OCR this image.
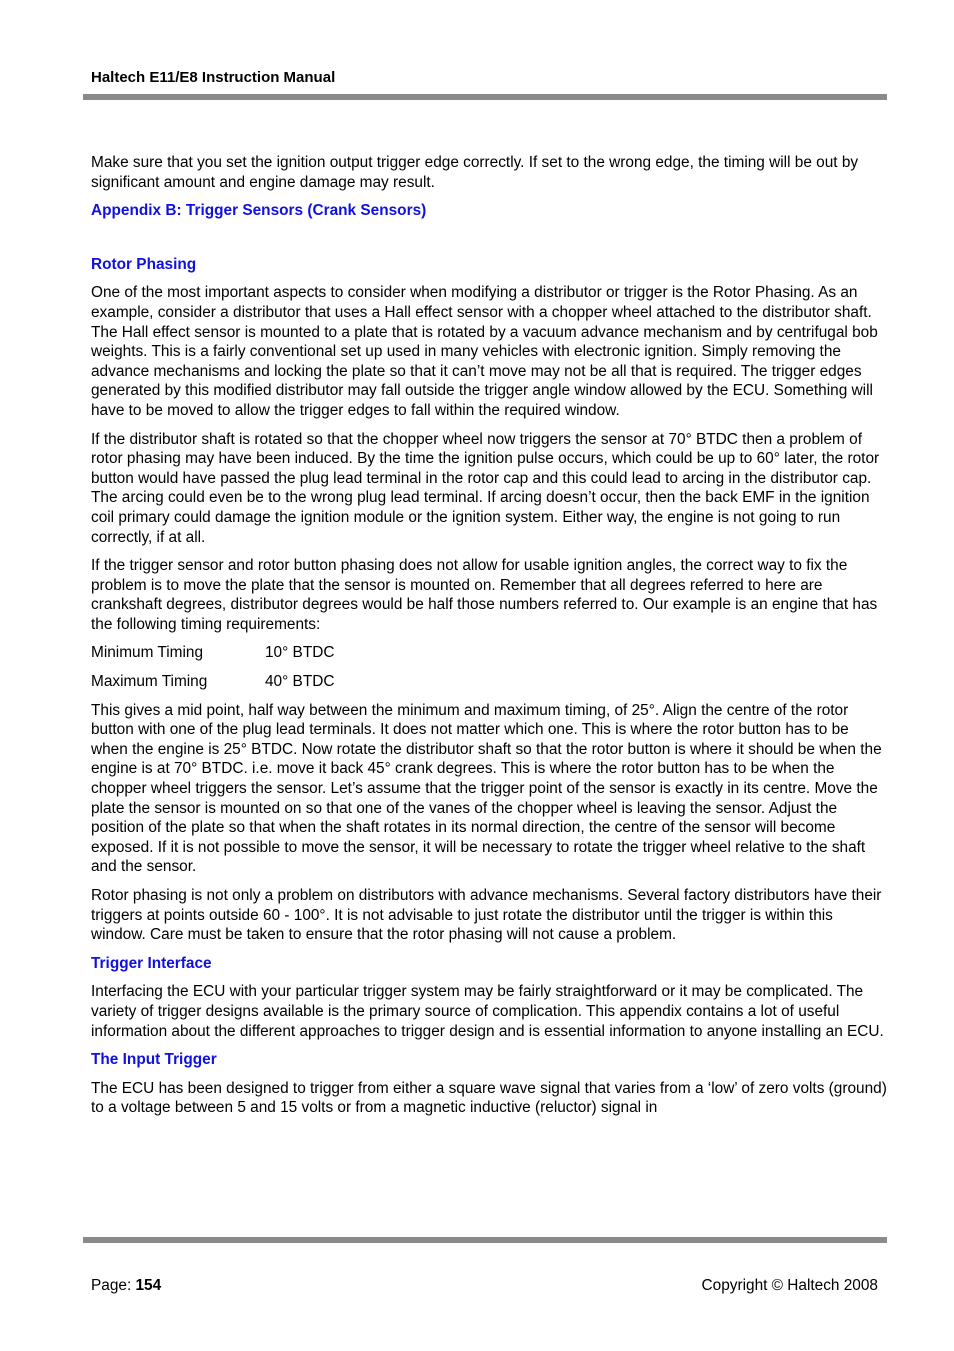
Haltech E11/E8 Instruction Manual

Make sure that you set the ignition output trigger edge correctly. If set to the wrong edge, the timing will be out by significant amount and engine damage may result.

Appendix B: Trigger Sensors (Crank Sensors)

Rotor Phasing

One of the most important aspects to consider when modifying a distributor or trigger is the Rotor Phasing. As an example, consider a distributor that uses a Hall effect sensor with a chopper wheel attached to the distributor shaft. The Hall effect sensor is mounted to a plate that is rotated by a vacuum advance mechanism and by centrifugal bob weights. This is a fairly conventional set up used in many vehicles with electronic ignition. Simply removing the advance mechanisms and locking the plate so that it can’t move may not be all that is required. The trigger edges generated by this modified distributor may fall outside the trigger angle window allowed by the ECU. Something will have to be moved to allow the trigger edges to fall within the required window.

If the distributor shaft is rotated so that the chopper wheel now triggers the sensor at 70° BTDC then a problem of rotor phasing may have been induced. By the time the ignition pulse occurs, which could be up to 60° later, the rotor button would have passed the plug lead terminal in the rotor cap and this could lead to arcing in the distributor cap. The arcing could even be to the wrong plug lead terminal. If arcing doesn’t occur, then the back EMF in the ignition coil primary could damage the ignition module or the ignition system. Either way, the engine is not going to run correctly, if at all.

If the trigger sensor and rotor button phasing does not allow for usable ignition angles, the correct way to fix the problem is to move the plate that the sensor is mounted on. Remember that all degrees referred to here are crankshaft degrees, distributor degrees would be half those numbers referred to. Our example is an engine that has the following timing requirements:

Minimum Timing	10° BTDC
Maximum Timing	40° BTDC

This gives a mid point, half way between the minimum and maximum timing, of 25°. Align the centre of the rotor button with one of the plug lead terminals. It does not matter which one. This is where the rotor button has to be when the engine is 25° BTDC. Now rotate the distributor shaft so that the rotor button is where it should be when the engine is at 70° BTDC. i.e. move it back 45° crank degrees. This is where the rotor button has to be when the chopper wheel triggers the sensor. Let’s assume that the trigger point of the sensor is exactly in its centre. Move the plate the sensor is mounted on so that one of the vanes of the chopper wheel is leaving the sensor. Adjust the position of the plate so that when the shaft rotates in its normal direction, the centre of the sensor will become exposed. If it is not possible to move the sensor, it will be necessary to rotate the trigger wheel relative to the shaft and the sensor.

Rotor phasing is not only a problem on distributors with advance mechanisms. Several factory distributors have their triggers at points outside 60 - 100°. It is not advisable to just rotate the distributor until the trigger is within this window. Care must be taken to ensure that the rotor phasing will not cause a problem.

Trigger Interface

Interfacing the ECU with your particular trigger system may be fairly straightforward or it may be complicated. The variety of trigger designs available is the primary source of complication. This appendix contains a lot of useful information about the different approaches to trigger design and is essential information to anyone installing an ECU.

The Input Trigger

The ECU has been designed to trigger from either a square wave signal that varies from a ‘low’ of zero volts (ground) to a voltage between 5 and 15 volts or from a magnetic inductive (reluctor) signal in

Page: 154	Copyright © Haltech 2008
